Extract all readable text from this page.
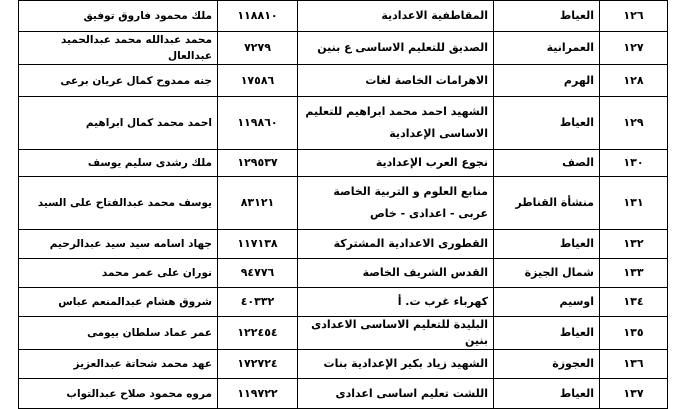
١٢٦	العياط	المقاطفية الاعدادية	١١٨٨١٠	ملك محمود فاروق توفيق
١٢٧	العمرانية	الصديق للتعليم الاساسى ع بنين	٧٢٧٩	محمد عبدالله محمد عبدالحميد عبدالعال
١٢٨	الهرم	الاهرامات الخاصة لغات	١٧٥٨٦	جنه ممدوح كمال عريان برعى
١٢٩	العياط	الشهيد احمد محمد ابراهيم للتعليم الاساسى الإعدادية	١١٩٨٦٠	احمد محمد كمال ابراهيم
١٣٠	الصف	نجوع العرب الإعدادية	١٢٩٥٣٧	ملك رشدى سليم يوسف
١٣١	منشأة القناطر	منابع العلوم و التربية الخاصة عربى - اعدادى - خاص	٨٣١٢١	يوسف محمد عبدالفتاح على السيد
١٣٢	العياط	القطورى الاعدادية المشتركة	١١٧١٣٨	جهاد اسامه سيد سيد عبدالرحيم
١٣٣	شمال الجيزة	القدس الشريف الخاصة	٩٤٧٧٦	نوران على عمر محمد
١٣٤	اوسيم	كهرباء غرب ت. أ	٤٠٣٣٢	شروق هشام عبدالمنعم عباس
١٣٥	العياط	البليدة للتعليم الاساسى الاعدادى بنين	١٢٢٤٥٤	عمر عماد سلطان بيومى
١٣٦	العجوزة	الشهيد زياد بكير الإعدادية بنات	١٧٢٧٢٤	عهد محمد شحاتة عبدالعزيز
١٣٧	العياط	اللشت تعليم اساسى اعدادى	١١٩٧٢٢	مروه محمود صلاح عبدالتواب
